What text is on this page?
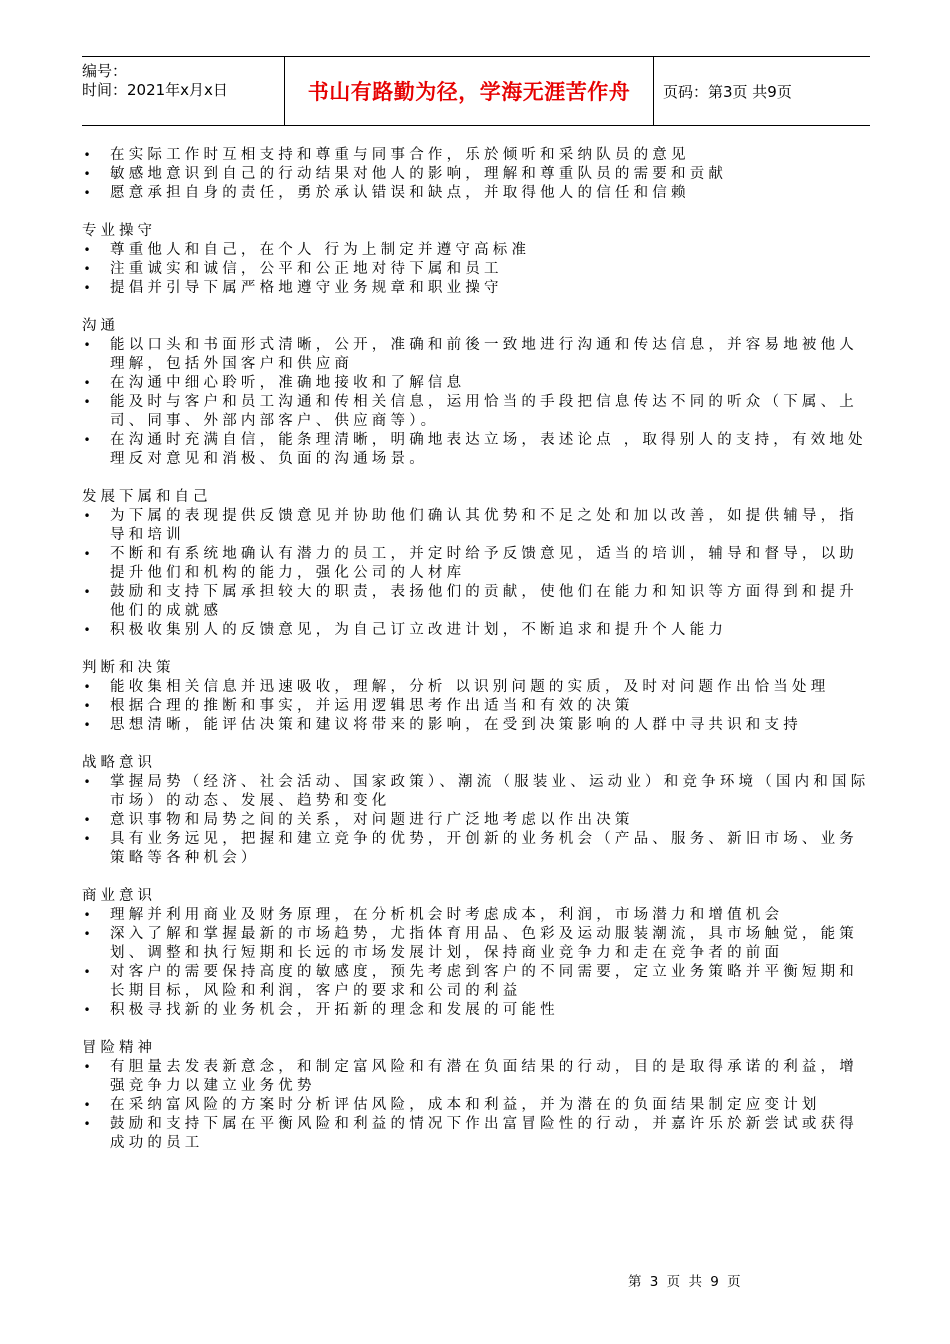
编号：
时间：2021年x月x日	书山有路勤为径，学海无涯苦作舟 页码：第3页 共9页
• 在实际工作时互相支持和尊重与同事合作，乐於倾听和采纳队员的意见
• 敏感地意识到自己的行动结果对他人的影响，理解和尊重队员的需要和贡献
• 愿意承担自身的责任，勇於承认错误和缺点，并取得他人的信任和信赖
专业操守
• 尊重他人和自己，在个人 行为上制定并遵守高标准
• 注重诚实和诚信，公平和公正地对待下属和员工
• 提倡并引导下属严格地遵守业务规章和职业操守
沟通
• 能以口头和书面形式清晰，公开，准确和前後一致地进行沟通和传达信息，并容易地被他人理解，包括外国客户和供应商
• 在沟通中细心聆听，准确地接收和了解信息
• 能及时与客户和员工沟通和传相关信息，运用恰当的手段把信息传达不同的听众（下属、上司、同事、外部内部客户、供应商等）。
• 在沟通时充满自信，能条理清晰，明确地表达立场，表述论点 ，取得别人的支持，有效地处理反对意见和消极、负面的沟通场景。
发展下属和自己
• 为下属的表现提供反馈意见并协助他们确认其优势和不足之处和加以改善，如提供辅导，指导和培训
• 不断和有系统地确认有潜力的员工，并定时给予反馈意见，适当的培训，辅导和督导，以助提升他们和机构的能力，强化公司的人材库
• 鼓励和支持下属承担较大的职责，表扬他们的贡献，使他们在能力和知识等方面得到和提升他们的成就感
• 积极收集别人的反馈意见，为自己订立改进计划，不断追求和提升个人能力
判断和决策
• 能收集相关信息并迅速吸收，理解，分析 以识别问题的实质，及时对问题作出恰当处理
• 根据合理的推断和事实，并运用逻辑思考作出适当和有效的决策
• 思想清晰，能评估决策和建议将带来的影响，在受到决策影响的人群中寻共识和支持
战略意识
• 掌握局势（经济、社会活动、国家政策）、潮流（服装业、运动业）和竞争环境（国内和国际市场）的动态、发展、趋势和变化
• 意识事物和局势之间的关系，对问题进行广泛地考虑以作出决策
• 具有业务远见，把握和建立竞争的优势，开创新的业务机会（产品、服务、新旧市场、业务策略等各种机会）
商业意识
• 理解并利用商业及财务原理，在分析机会时考虑成本，利润，市场潜力和增值机会
• 深入了解和掌握最新的市场趋势，尤指体育用品、色彩及运动服装潮流，具市场触觉，能策划、调整和执行短期和长远的市场发展计划，保持商业竞争力和走在竞争者的前面
• 对客户的需要保持高度的敏感度，预先考虑到客户的不同需要，定立业务策略并平衡短期和长期目标，风险和利润，客户的要求和公司的利益
• 积极寻找新的业务机会，开拓新的理念和发展的可能性
冒险精神
• 有胆量去发表新意念，和制定富风险和有潜在负面结果的行动，目的是取得承诺的利益，增强竞争力以建立业务优势
• 在采纳富风险的方案时分析评估风险，成本和利益，并为潜在的负面结果制定应变计划
• 鼓励和支持下属在平衡风险和利益的情况下作出富冒险性的行动，并嘉许乐於新尝试或获得成功的员工
第 3 页 共 9 页
